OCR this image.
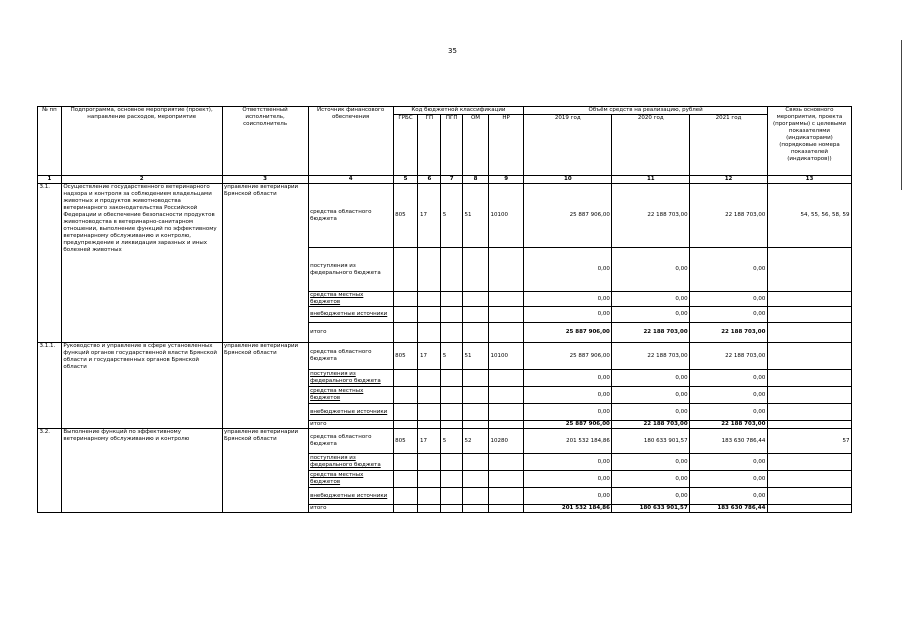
35
№ пп	Подпрограмма, основное мероприятие (проект), направление расходов, мероприятие	Ответственный исполнитель, соисполнитель	Источник финансового обеспечения	Код бюджетной классификации					Объём средств на реализацию, рублей			Связь основного мероприятия, проекта (программы) с целевыми показателями (индикаторами) (порядковые номера показателей (индикаторов))
				ГРБС	ГП	ПГП	ОМ	НР	2019 год	2020 год	2021 год	
1	2	3	4	5	6	7	8	9	10	11	12	13
3.1.	Осуществление государственного ветеринарного надзора и контроля за соблюдением владельцами животных и продуктов животноводства ветеринарного законодательства Российской Федерации и обеспечение безопасности продуктов животноводства в ветеринарно-санитарном отношении, выполнение функций по эффективному ветеринарному обслуживанию и контролю, предупреждение и ликвидация заразных и иных болезней животных	управление ветеринарии Брянской области	средства областного бюджета	805	17	5	51	10100	25 887 906,00	22 188 703,00	22 188 703,00	54, 55, 56, 58, 59
			поступления из федерального бюджета						0,00	0,00	0,00	
			средства местных бюджетов						0,00	0,00	0,00	
			внебюджетные источники						0,00	0,00	0,00	
			итого						25 887 906,00	22 188 703,00	22 188 703,00	
3.1.1.	Руководство и управление в сфере установленных функций органов государственной власти Брянской области и государственных органов Брянской области	управление ветеринарии Брянской области	средства областного бюджета	805	17	5	51	10100	25 887 906,00	22 188 703,00	22 188 703,00	
			поступления из федерального бюджета						0,00	0,00	0,00	
			средства местных бюджетов						0,00	0,00	0,00	
			внебюджетные источники						0,00	0,00	0,00	
			итого						25 887 906,00	22 188 703,00	22 188 703,00	
3.2.	Выполнение функций по эффективному ветеринарному обслуживанию и контролю	управление ветеринарии Брянской области	средства областного бюджета	805	17	5	52	10280	201 532 184,86	180 633 901,57	183 630 786,44	57
			поступления из федерального бюджета						0,00	0,00	0,00	
			средства местных бюджетов						0,00	0,00	0,00	
			внебюджетные источники						0,00	0,00	0,00	
			итого						201 532 184,86	180 633 901,57	183 630 786,44	
